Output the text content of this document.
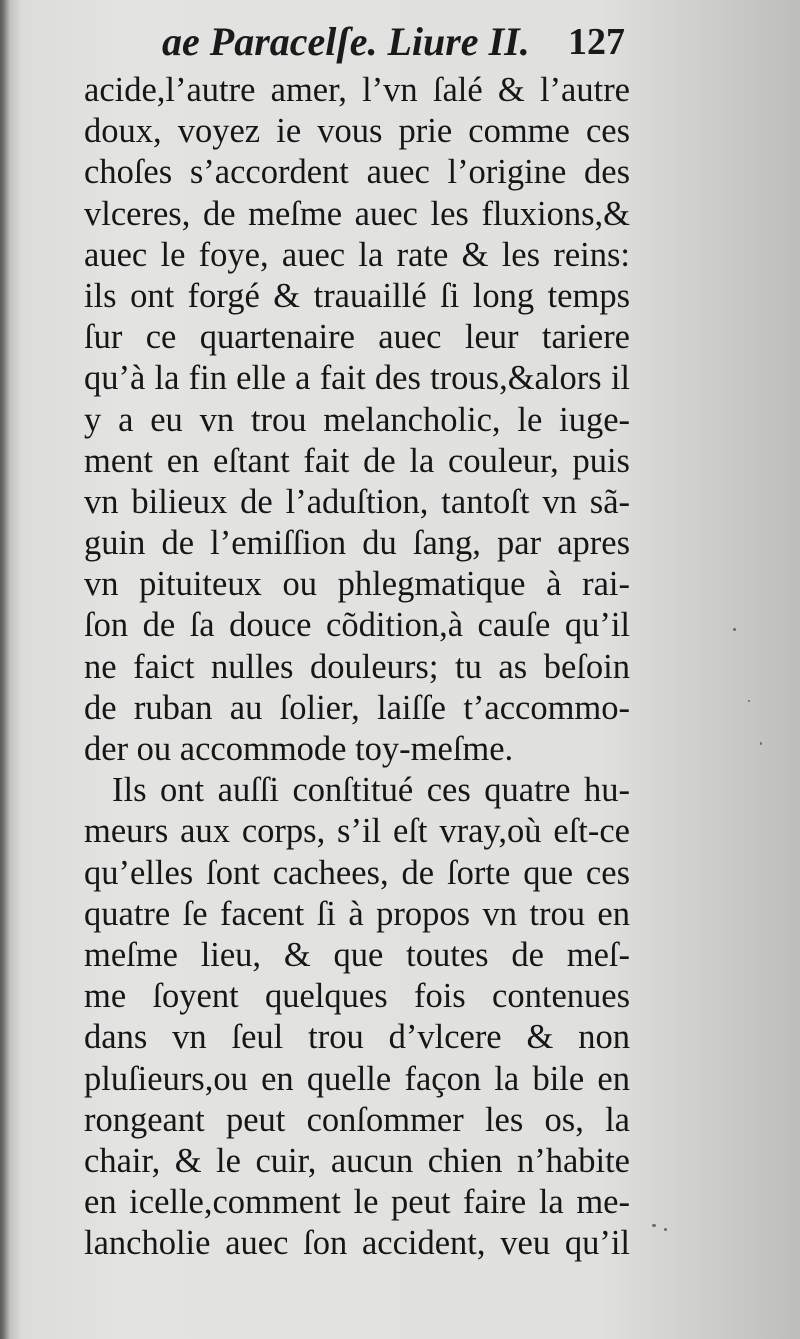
ae Paracelſe. Liure II. 127
acide,l’autre amer, l’vn ſalé & l’autre
doux, voyez ie vous prie comme ces
choſes s’accordent auec l’origine des
vlceres, de meſme auec les fluxions,&
auec le foye, auec la rate & les reins:
ils ont forgé & trauaillé ſi long temps
ſur ce quartenaire auec leur tariere
qu’à la fin elle a fait des trous,&alors il
y a eu vn trou melancholic, le iuge-
ment en eſtant fait de la couleur, puis
vn bilieux de l’aduſtion, tantoſt vn sã-
guin de l’emiſſion du ſang, par apres
vn pituiteux ou phlegmatique à rai-
ſon de ſa douce cõdition,à cauſe qu’il
ne faict nulles douleurs; tu as beſoin
de ruban au ſolier, laiſſe t’accommo-
der ou accommode toy-meſme.
Ils ont auſſi conſtitué ces quatre hu-
meurs aux corps, s’il eſt vray,où eſt-ce
qu’elles ſont cachees, de ſorte que ces
quatre ſe facent ſi à propos vn trou en
meſme lieu, & que toutes de meſ-
me ſoyent quelques fois contenues
dans vn ſeul trou d’vlcere & non
pluſieurs,ou en quelle façon la bile en
rongeant peut conſommer les os, la
chair, & le cuir, aucun chien n’habite
en icelle,comment le peut faire la me-
lancholie auec ſon accident, veu qu’il
